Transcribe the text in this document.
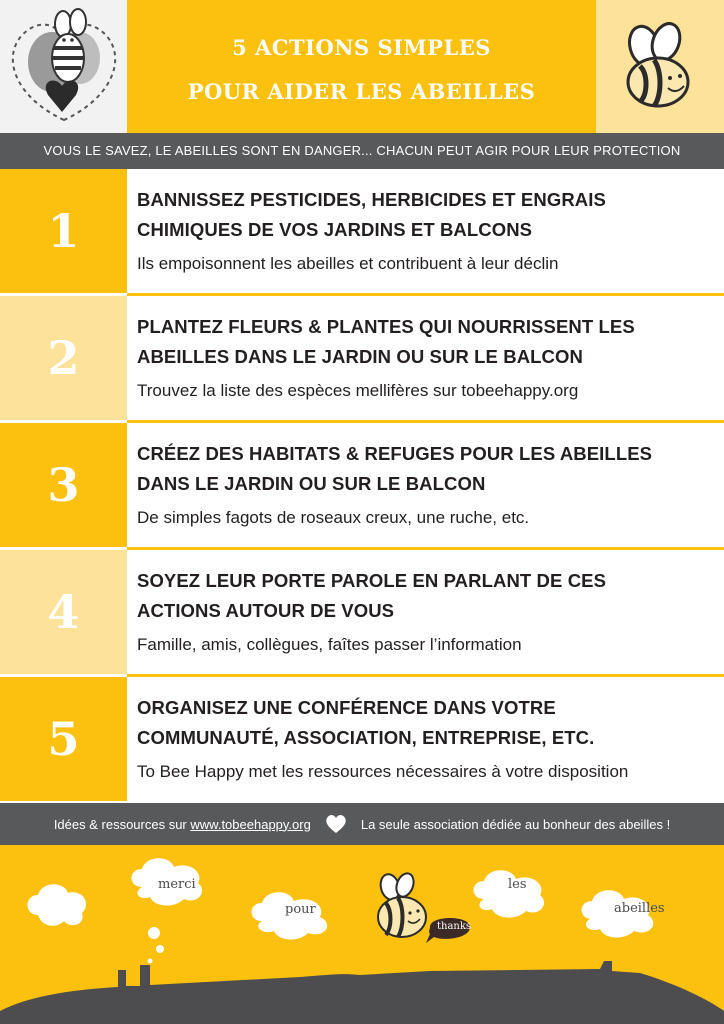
5 ACTIONS SIMPLES
POUR AIDER LES ABEILLES
VOUS LE SAVEZ, LE ABEILLES SONT EN DANGER... CHACUN PEUT AGIR POUR LEUR PROTECTION
1
BANNISSEZ PESTICIDES, HERBICIDES ET ENGRAIS
CHIMIQUES DE VOS JARDINS ET BALCONS
Ils empoisonnent les abeilles et contribuent à leur déclin
2
PLANTEZ FLEURS & PLANTES QUI NOURRISSENT LES
ABEILLES DANS LE JARDIN OU SUR LE BALCON
Trouvez la liste des espèces mellifères sur tobeehappy.org
3
CRÉEZ DES HABITATS & REFUGES POUR LES ABEILLES
DANS LE JARDIN OU SUR LE BALCON
De simples fagots de roseaux creux, une ruche, etc.
4
SOYEZ LEUR PORTE PAROLE EN PARLANT DE CES
ACTIONS AUTOUR DE VOUS
Famille, amis, collègues, faîtes passer l’information
5
ORGANISEZ UNE CONFÉRENCE DANS VOTRE
COMMUNAUTÉ, ASSOCIATION, ENTREPRISE, ETC.
To Bee Happy met les ressources nécessaires à votre disposition
Idées & ressources sur www.tobeehappy.org	La seule association dédiée au bonheur des abeilles !
merci
pour
les
abeilles
thanks
